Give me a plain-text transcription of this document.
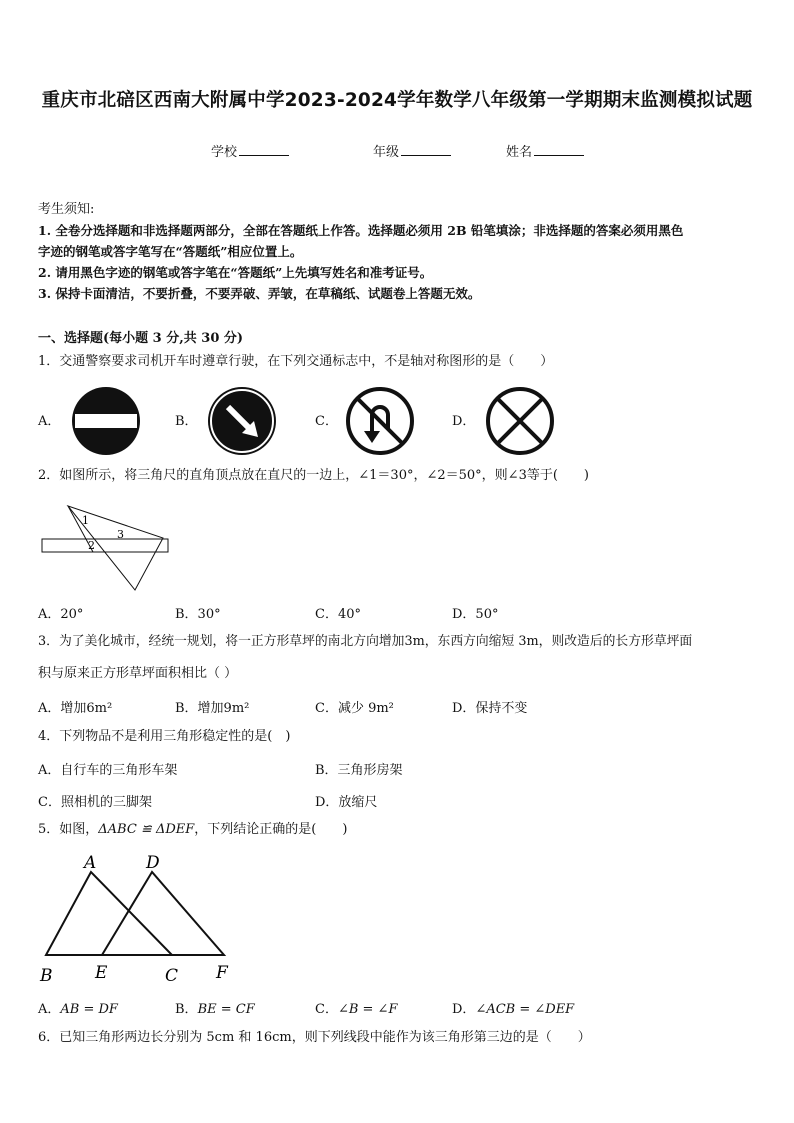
重庆市北碚区西南大附属中学2023-2024学年数学八年级第一学期期末监测模拟试题
学校	年级	姓名
考生须知:
1. 全卷分选择题和非选择题两部分，全部在答题纸上作答。选择题必须用 2B 铅笔填涂；非选择题的答案必须用黑色
字迹的钢笔或答字笔写在“答题纸”相应位置上。
2. 请用黑色字迹的钢笔或答字笔在“答题纸”上先填写姓名和准考证号。
3. 保持卡面清洁，不要折叠，不要弄破、弄皱，在草稿纸、试题卷上答题无效。
一、选择题(每小题 3 分,共 30 分)
1．交通警察要求司机开车时遵章行驶，在下列交通标志中，不是轴对称图形的是（　　）
A．	B．	C．	D．
2．如图所示，将三角尺的直角顶点放在直尺的一边上，∠1＝30°，∠2＝50°，则∠3等于(　　)
1
2
3
A．20°	B．30°	C．40°	D．50°
3．为了美化城市，经统一规划，将一正方形草坪的南北方向增加3m，东西方向缩短 3m，则改造后的长方形草坪面
积与原来正方形草坪面积相比（ ）
A．增加6m²	B．增加9m²	C．减少 9m²	D．保持不变
4．下列物品不是利用三角形稳定性的是(　)
A．自行车的三角形车架	B．三角形房架
C．照相机的三脚架	D．放缩尺
5．如图，ΔABC ≌ ΔDEF，下列结论正确的是(　　)
A	D
B	E	C F
A．AB = DF	B．BE = CF	C．∠B = ∠F	D．∠ACB = ∠DEF
6．已知三角形两边长分别为 5cm 和 16cm，则下列线段中能作为该三角形第三边的是（　　）
